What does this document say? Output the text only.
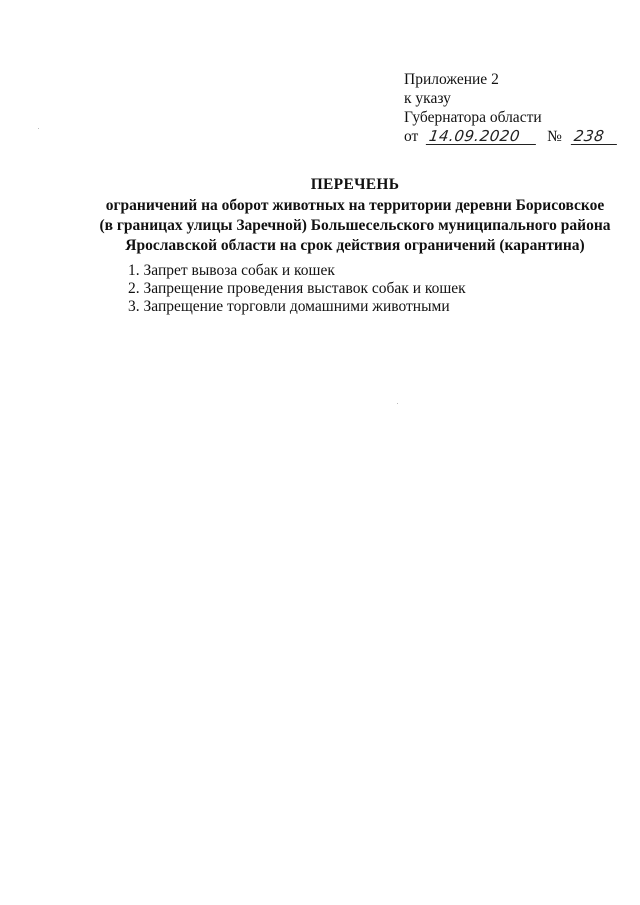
Приложение 2
к указу
Губернатора области
от 14.09.2020 № 238
ПЕРЕЧЕНЬ
ограничений на оборот животных на территории деревни Борисовское
(в границах улицы Заречной) Большесельского муниципального района
Ярославской области на срок действия ограничений (карантина)
1. Запрет вывоза собак и кошек
2. Запрещение проведения выставок собак и кошек
3. Запрещение торговли домашними животными
